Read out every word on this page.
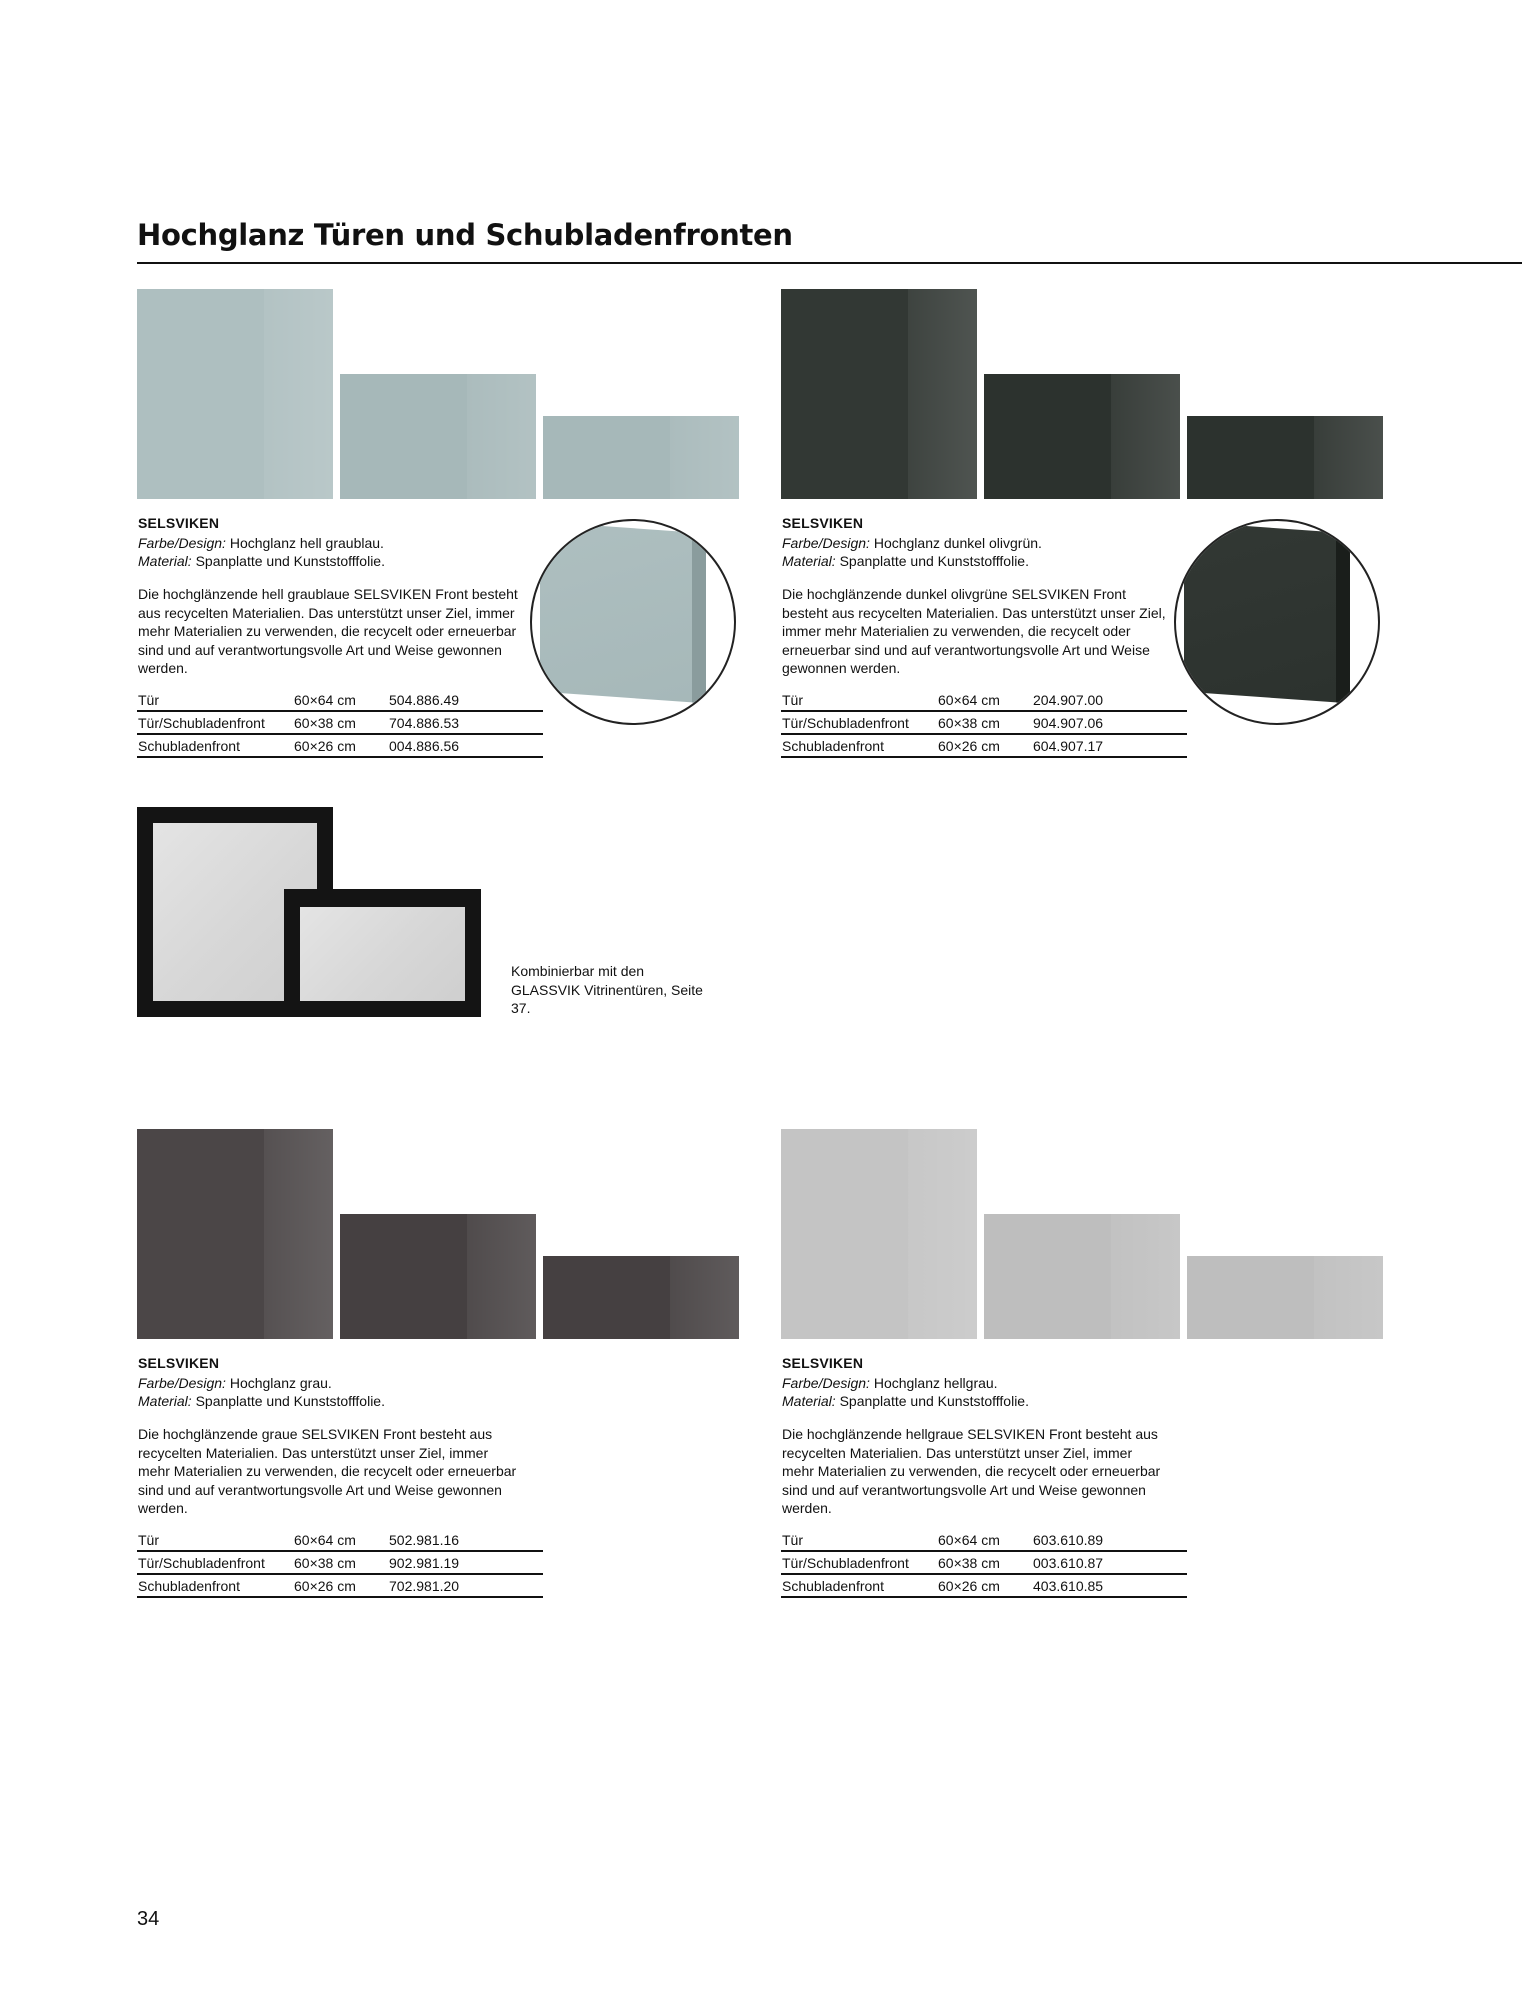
Hochglanz Türen und Schubladenfronten
SELSVIKEN
Farbe/Design: Hochglanz hell graublau.
Material: Spanplatte und Kunststofffolie.

Die hochglänzende hell graublaue SELSVIKEN Front besteht aus recycelten Materialien. Das unterstützt unser Ziel, immer mehr Materialien zu verwenden, die recycelt oder erneuerbar sind und auf verantwortungsvolle Art und Weise gewonnen werden.

Tür	60×64 cm	504.886.49
Tür/Schubladenfront	60×38 cm	704.886.53
Schubladenfront	60×26 cm	004.886.56
SELSVIKEN
Farbe/Design: Hochglanz dunkel olivgrün.
Material: Spanplatte und Kunststofffolie.

Die hochglänzende dunkel olivgrüne SELSVIKEN Front besteht aus recycelten Materialien. Das unterstützt unser Ziel, immer mehr Materialien zu verwenden, die recycelt oder erneuerbar sind und auf verantwortungsvolle Art und Weise gewonnen werden.

Tür	60×64 cm	204.907.00
Tür/Schubladenfront	60×38 cm	904.907.06
Schubladenfront	60×26 cm	604.907.17

Kombinierbar mit den GLASSVIK Vitrinentüren, Seite 37.

SELSVIKEN
Farbe/Design: Hochglanz grau.
Material: Spanplatte und Kunststofffolie.

Die hochglänzende graue SELSVIKEN Front besteht aus recycelten Materialien. Das unterstützt unser Ziel, immer mehr Materialien zu verwenden, die recycelt oder erneuerbar sind und auf verantwortungsvolle Art und Weise gewonnen werden.

Tür	60×64 cm	502.981.16
Tür/Schubladenfront	60×38 cm	902.981.19
Schubladenfront	60×26 cm	702.981.20
SELSVIKEN
Farbe/Design: Hochglanz hellgrau.
Material: Spanplatte und Kunststofffolie.

Die hochglänzende hellgraue SELSVIKEN Front besteht aus recycelten Materialien. Das unterstützt unser Ziel, immer mehr Materialien zu verwenden, die recycelt oder erneuerbar sind und auf verantwortungsvolle Art und Weise gewonnen werden.

Tür	60×64 cm	603.610.89
Tür/Schubladenfront	60×38 cm	003.610.87
Schubladenfront	60×26 cm	403.610.85
34
